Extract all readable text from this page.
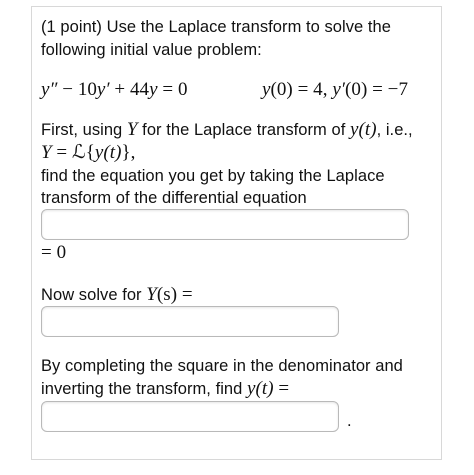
(1 point) Use the Laplace transform to solve the
following initial value problem:
y″ − 10y′ + 44y = 0	y(0) = 4, y′(0) = −7
First, using Y for the Laplace transform of y(t), i.e.,
Y = ℒ{y(t)},
find the equation you get by taking the Laplace
transform of the differential equation
= 0
Now solve for Y(s) =
By completing the square in the denominator and
inverting the transform, find y(t) =
.
